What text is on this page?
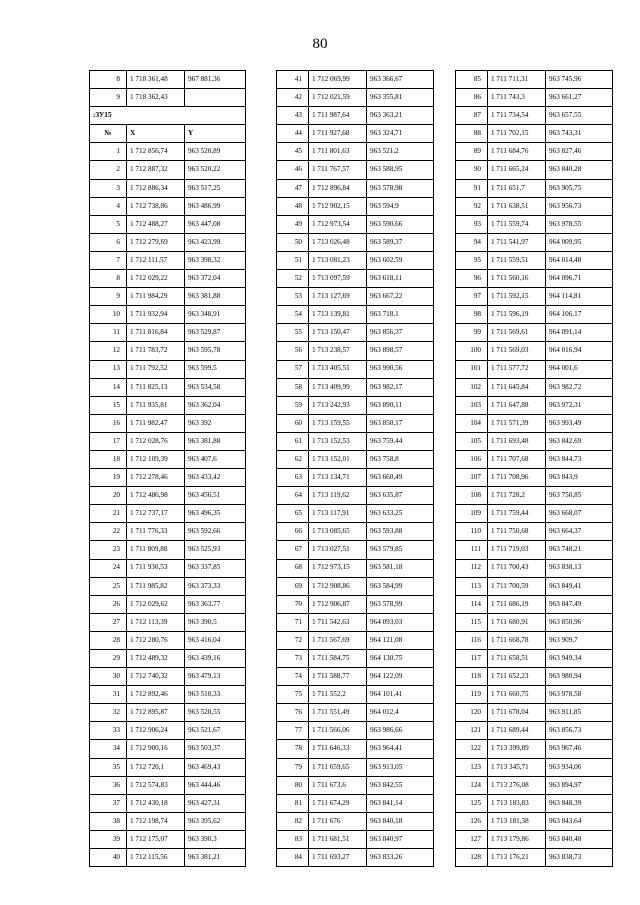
80
8	1 718 361,48	967 881,36
9	1 718 362,43	
:ЗУ15		
№	X	Y
1	1 712 856,74	963 520,89
2	1 712 887,32	963 520,22
3	1 712 886,34	963 517,25
4	1 712 738,86	963 486,99
5	1 712 488,27	963 447,08
6	1 712 279,69	963 423,99
7	1 712 111,57	963 398,32
8	1 712 029,22	963 372,04
9	1 711 984,29	963 381,88
10	1 711 932,94	963 348,91
11	1 711 816,84	963 529,87
12	1 711 783,72	963 595,78
13	1 711 792,52	963 599,5
14	1 711 825,13	963 534,58
15	1 711 935,81	963 362,04
16	1 711 982,47	963 392
17	1 712 028,76	963 381,88
18	1 712 109,39	963 407,6
19	1 712 278,46	963 433,42
20	1 712 486,98	963 456,51
21	1 712 737,17	963 496,35
22	1 711 776,33	963 592,66
23	1 711 809,88	963 525,93
24	1 711 930,53	963 337,85
25	1 711 985,82	963 373,33
26	1 712 029,62	963 363,77
27	1 712 113,39	963 390,5
28	1 712 280,76	963 416,04
29	1 712 489,32	963 439,16
30	1 712 740,32	963 479,13
31	1 712 892,46	963 510,33
32	1 712 895,87	963 520,55
33	1 712 906,24	963 521,67
34	1 712 900,16	963 503,37
35	1 712 720,1	963 469,43
36	1 712 574,83	963 444,46
37	1 712 430,18	963 427,31
38	1 712 198,74	963 395,62
39	1 712 175,07	963 390,3
40	1 712 115,56	963 381,21
41	1 712 069,99	963 366,67
42	1 712 021,59	963 355,81
43	1 711 987,64	963 363,21
44	1 711 927,68	963 324,71
45	1 711 801,63	963 521,2
46	1 711 767,57	963 588,95
47	1 712 896,84	963 578,98
48	1 712 902,15	963 594,9
49	1 712 973,54	963 590,66
50	1 713 026,48	963 589,37
51	1 713 081,23	963 602,59
52	1 713 097,59	963 618,11
53	1 713 127,69	963 667,22
54	1 713 139,81	963 718,1
55	1 713 150,47	963 856,37
56	1 713 238,57	963 898,57
57	1 713 405,51	963 990,56
58	1 713 409,99	963 982,17
59	1 713 242,93	963 890,11
60	1 713 159,55	963 850,17
61	1 713 152,53	963 759,44
62	1 713 152,01	963 758,8
63	1 713 134,71	963 660,49
64	1 713 119,62	963 635,87
65	1 713 117,91	963 633,25
66	1 713 085,65	963 593,88
67	1 713 027,51	963 579,85
68	1 712 973,15	963 581,18
69	1 712 908,86	963 584,99
70	1 712 906,87	963 578,99
71	1 711 542,63	964 093,03
72	1 711 567,69	964 121,08
73	1 711 584,75	964 130,75
74	1 711 588,77	964 122,09
75	1 711 552,2	964 101,41
76	1 711 551,49	964 012,4
77	1 711 566,06	963 986,66
78	1 711 646,33	963 964,41
79	1 711 659,65	963 913,05
80	1 711 673,6	963 842,55
81	1 711 674,29	963 841,14
82	1 711 676	963 840,18
83	1 711 681,51	963 840,97
84	1 711 693,27	963 833,26
85	1 711 711,31	963 745,96
86	1 711 743,3	963 661,27
87	1 711 734,54	963 657,55
88	1 711 702,15	963 743,31
89	1 711 684,76	963 827,46
90	1 711 665,24	963 840,28
91	1 711 651,7	963 905,75
92	1 711 638,51	963 956,73
93	1 711 559,74	963 978,55
94	1 711 541,97	964 009,95
95	1 711 559,51	964 014,48
96	1 711 560,16	964 096,71
97	1 711 592,15	964 114,81
98	1 711 596,19	964 106,17
99	1 711 569,61	964 091,14
100	1 711 569,03	964 016,94
101	1 711 577,72	964 001,6
102	1 711 645,84	963 982,72
103	1 711 647,88	963 972,31
104	1 711 571,39	963 993,49
105	1 711 693,48	963 842,69
106	1 711 707,68	963 844,73
107	1 711 708,96	963 843,9
108	1 711 728,2	963 750,85
109	1 711 759,44	963 668,07
110	1 711 750,68	963 664,37
111	1 711 719,03	963 748,21
112	1 711 700,43	963 838,13
113	1 711 700,59	963 849,41
114	1 711 686,19	963 847,49
115	1 711 680,91	963 850,96
116	1 711 668,78	963 909,7
117	1 711 658,51	963 949,34
118	1 711 652,23	963 980,94
119	1 711 660,75	963 978,58
120	1 711 678,04	963 911,85
121	1 711 689,44	963 856,73
122	1 713 399,89	963 967,46
123	1 713 345,71	963 934,06
124	1 713 276,08	963 894,97
125	1 713 183,83	963 848,39
126	1 713 181,38	963 843,64
127	1 713 179,86	963 840,48
128	1 713 176,21	963 838,73
